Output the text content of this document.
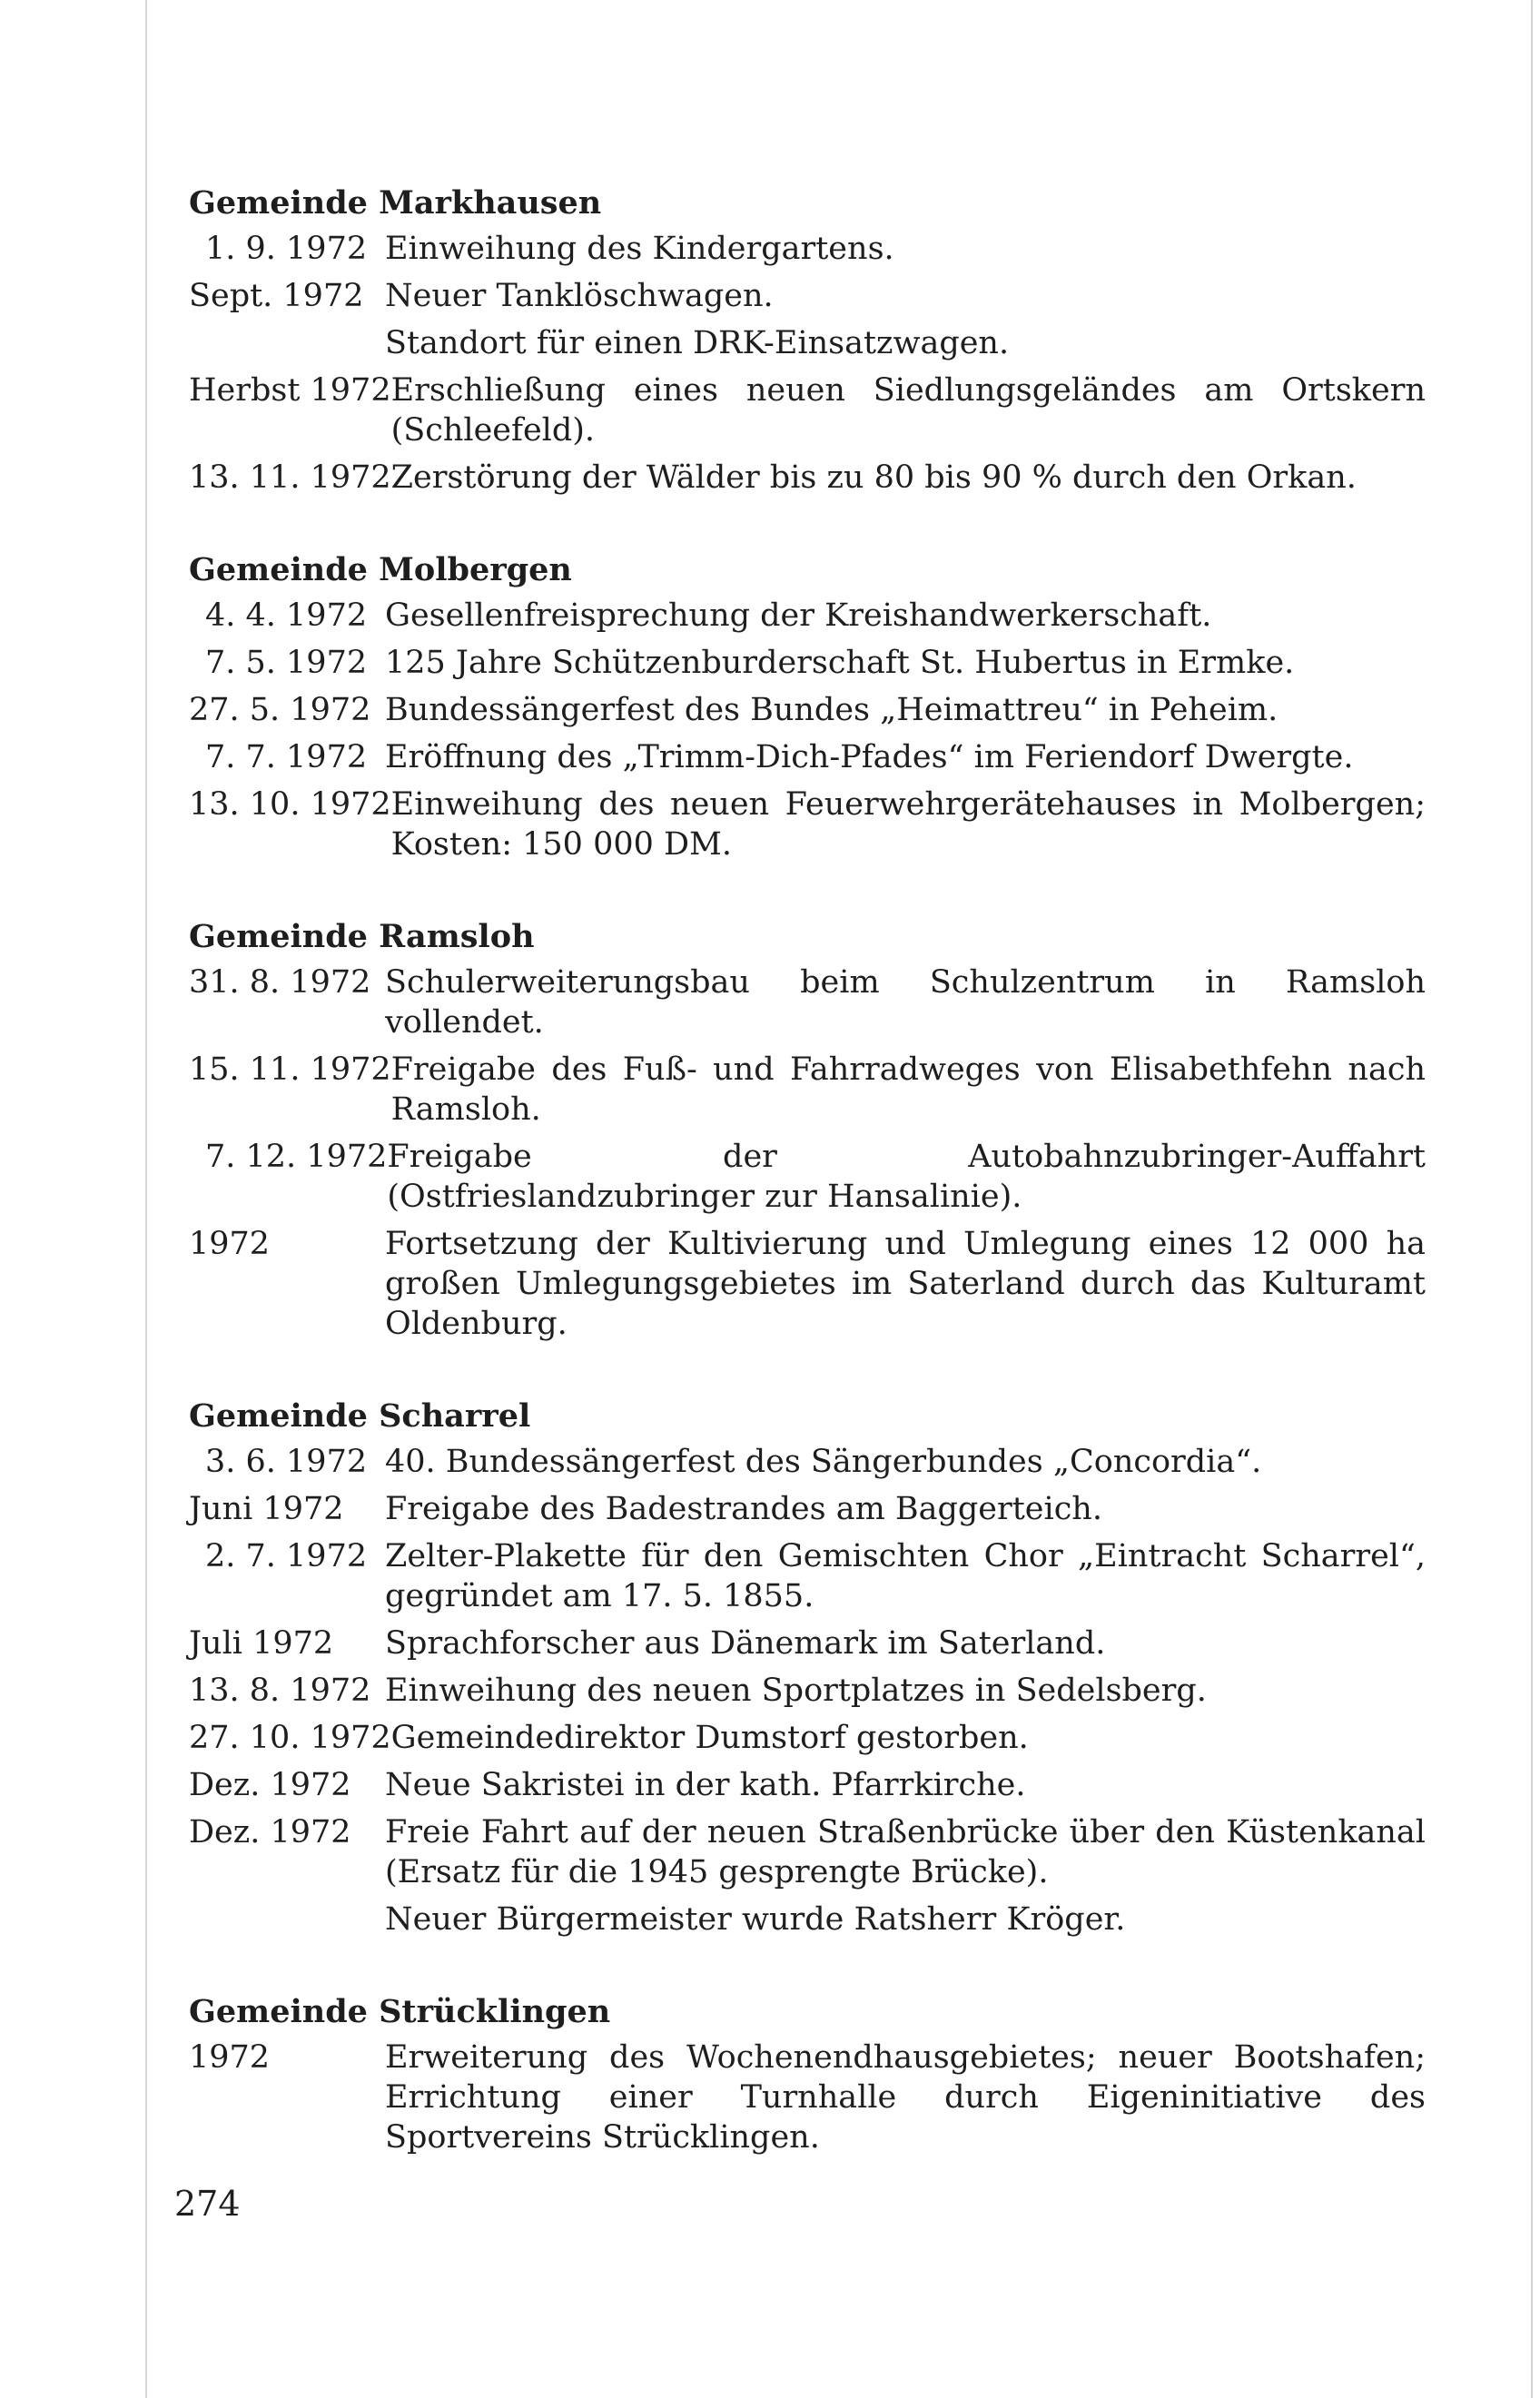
Gemeinde Markhausen
1. 9. 1972 Einweihung des Kindergartens.
Sept. 1972 Neuer Tanklöschwagen.
Standort für einen DRK-Einsatzwagen.
Herbst 1972 Erschließung eines neuen Siedlungsgeländes am Ortskern (Schleefeld).
13. 11. 1972 Zerstörung der Wälder bis zu 80 bis 90 % durch den Orkan.
Gemeinde Molbergen
4. 4. 1972 Gesellenfreisprechung der Kreishandwerkerschaft.
7. 5. 1972 125 Jahre Schützenburderschaft St. Hubertus in Ermke.
27. 5. 1972 Bundessängerfest des Bundes „Heimattreu“ in Peheim.
7. 7. 1972 Eröffnung des „Trimm-Dich-Pfades“ im Feriendorf Dwergte.
13. 10. 1972 Einweihung des neuen Feuerwehrgerätehauses in Molbergen; Kosten: 150 000 DM.
Gemeinde Ramsloh
31. 8. 1972 Schulerweiterungsbau beim Schulzentrum in Ramsloh vollendet.
15. 11. 1972 Freigabe des Fuß- und Fahrradweges von Elisabethfehn nach Ramsloh.
7. 12. 1972 Freigabe der Autobahnzubringer-Auffahrt (Ostfrieslandzubringer zur Hansalinie).
1972	Fortsetzung der Kultivierung und Umlegung eines 12 000 ha großen Umlegungsgebietes im Saterland durch das Kulturamt Oldenburg.
Gemeinde Scharrel
3. 6. 1972 40. Bundessängerfest des Sängerbundes „Concordia“.
Juni 1972	Freigabe des Badestrandes am Baggerteich.
2. 7. 1972 Zelter-Plakette für den Gemischten Chor „Eintracht Scharrel“, gegründet am 17. 5. 1855.
Juli 1972	Sprachforscher aus Dänemark im Saterland.
13. 8. 1972 Einweihung des neuen Sportplatzes in Sedelsberg.
27. 10. 1972 Gemeindedirektor Dumstorf gestorben.
Dez. 1972	Neue Sakristei in der kath. Pfarrkirche.
Dez. 1972	Freie Fahrt auf der neuen Straßenbrücke über den Küstenkanal (Ersatz für die 1945 gesprengte Brücke).
Neuer Bürgermeister wurde Ratsherr Kröger.
Gemeinde Strücklingen
1972	Erweiterung des Wochenendhausgebietes; neuer Bootshafen; Errichtung einer Turnhalle durch Eigeninitiative des Sportvereins Strücklingen.
274
